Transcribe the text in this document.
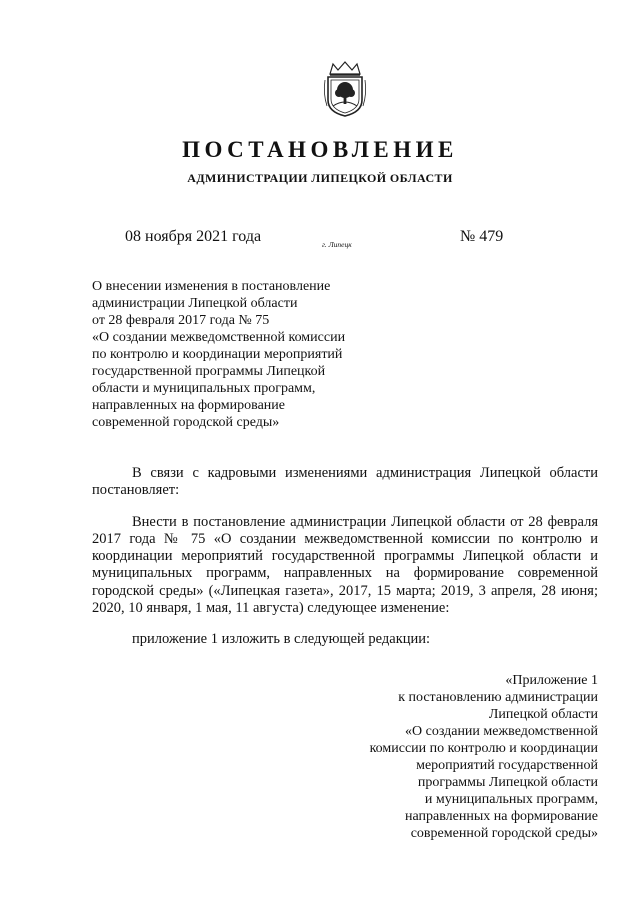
ПОСТАНОВЛЕНИЕ
АДМИНИСТРАЦИИ ЛИПЕЦКОЙ ОБЛАСТИ
08 ноября 2021 года	г. Липецк	№ 479
О внесении изменения в постановление
администрации Липецкой области
от 28 февраля 2017 года № 75
«О создании межведомственной комиссии
по контролю и координации мероприятий
государственной программы Липецкой
области и муниципальных программ,
направленных на формирование
современной городской среды»

В связи с кадровыми изменениями администрация Липецкой области постановляет:

Внести в постановление администрации Липецкой области от 28 февраля 2017 года № 75 «О создании межведомственной комиссии по контролю и координации мероприятий государственной программы Липецкой области и муниципальных программ, направленных на формирование современной городской среды» («Липецкая газета», 2017, 15 марта; 2019, 3 апреля, 28 июня; 2020, 10 января, 1 мая, 11 августа) следующее изменение:

приложение 1 изложить в следующей редакции:

«Приложение 1
к постановлению администрации
Липецкой области
«О создании межведомственной
комиссии по контролю и координации
мероприятий государственной
программы Липецкой области
и муниципальных программ,
направленных на формирование
современной городской среды»
